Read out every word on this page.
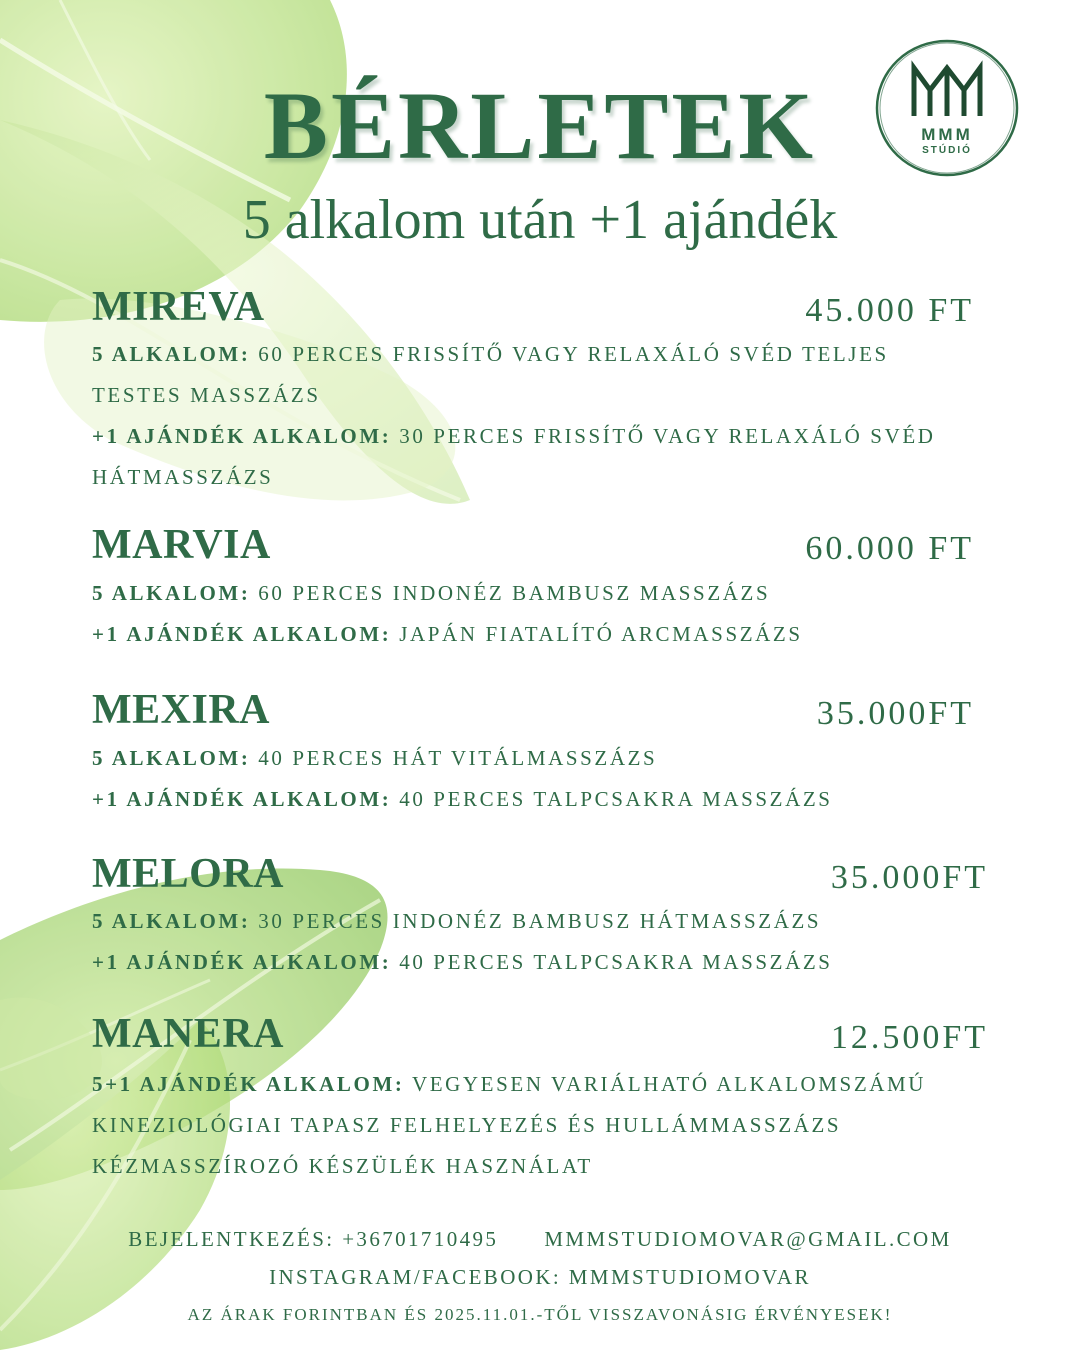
MMM
STÚDIÓ
BÉRLETEK
5 alkalom után +1 ajándék
MIREVA	45.000 FT
5 ALKALOM: 60 PERCES FRISSÍTŐ VAGY RELAXÁLÓ SVÉD TELJES
TESTES MASSZÁZS
+1 AJÁNDÉK ALKALOM: 30 PERCES FRISSÍTŐ VAGY RELAXÁLÓ SVÉD
HÁTMASSZÁZS
MARVIA	60.000 FT
5 ALKALOM: 60 PERCES INDONÉZ BAMBUSZ MASSZÁZS
+1 AJÁNDÉK ALKALOM: JAPÁN FIATALÍTÓ ARCMASSZÁZS
MEXIRA	35.000FT
5 ALKALOM: 40 PERCES HÁT VITÁLMASSZÁZS
+1 AJÁNDÉK ALKALOM: 40 PERCES TALPCSAKRA MASSZÁZS
MELORA	35.000FT
5 ALKALOM: 30 PERCES INDONÉZ BAMBUSZ HÁTMASSZÁZS
+1 AJÁNDÉK ALKALOM: 40 PERCES TALPCSAKRA MASSZÁZS
MANERA	12.500FT
5+1 AJÁNDÉK ALKALOM: VEGYESEN VARIÁLHATÓ ALKALOMSZÁMÚ
KINEZIOLÓGIAI TAPASZ FELHELYEZÉS ÉS HULLÁMMASSZÁZS
KÉZMASSZÍROZÓ KÉSZÜLÉK HASZNÁLAT
BEJELENTKEZÉS: +36701710495 MMMSTUDIOMOVAR@GMAIL.COM
INSTAGRAM/FACEBOOK: MMMSTUDIOMOVAR
AZ ÁRAK FORINTBAN ÉS 2025.11.01.-TŐL VISSZAVONÁSIG ÉRVÉNYESEK!
